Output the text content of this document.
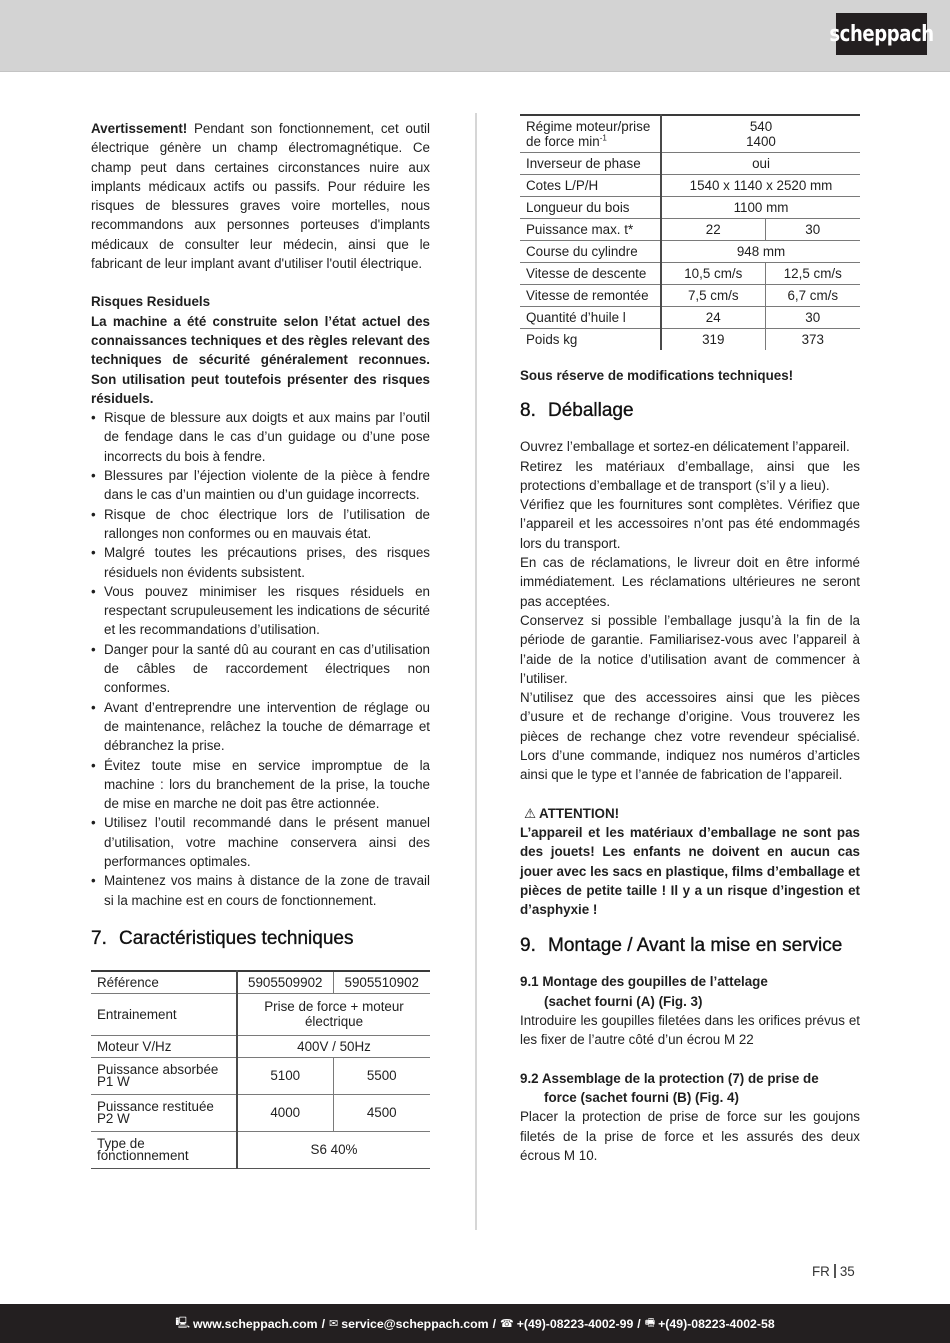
scheppach

Avertissement! Pendant son fonctionnement, cet outil électrique génère un champ électromagnétique. Ce champ peut dans certaines circonstances nuire aux implants médicaux actifs ou passifs. Pour réduire les risques de blessures graves voire mortelles, nous recommandons aux personnes porteuses d'implants médicaux de consulter leur médecin, ainsi que le fabricant de leur implant avant d'utiliser l'outil électrique.

Risques Residuels

La machine a été construite selon l’état actuel des connaissances techniques et des règles relevant des techniques de sécurité généralement reconnues. Son utilisation peut toutefois présenter des risques résiduels.

• Risque de blessure aux doigts et aux mains par l’outil de fendage dans le cas d’un guidage ou d’une pose incorrects du bois à fendre.
• Blessures par l’éjection violente de la pièce à fendre dans le cas d’un maintien ou d’un guidage incorrects.
• Risque de choc électrique lors de l’utilisation de rallonges non conformes ou en mauvais état.
• Malgré toutes les précautions prises, des risques résiduels non évidents subsistent.
• Vous pouvez minimiser les risques résiduels en respectant scrupuleusement les indications de sécurité et les recommandations d’utilisation.
• Danger pour la santé dû au courant en cas d’utilisation de câbles de raccordement électriques non conformes.
• Avant d’entreprendre une intervention de réglage ou de maintenance, relâchez la touche de démarrage et débranchez la prise.
• Évitez toute mise en service impromptue de la machine : lors du branchement de la prise, la touche de mise en marche ne doit pas être actionnée.
• Utilisez l’outil recommandé dans le présent manuel d’utilisation, votre machine conservera ainsi des performances optimales.
• Maintenez vos mains à distance de la zone de travail si la machine est en cours de fonctionnement.
7. Caractéristiques techniques
Référence	5905509902	5905510902
Entrainement	Prise de force + moteur électrique	
Moteur V/Hz	400V / 50Hz	
Puissance absorbée P1 W	5100	5500
Puissance restituée P2 W	4000	4500
Type de fonctionnement	S6 40%	
Régime moteur/prise de force $\min^{-1}$	540
1400	
Inverseur de phase	oui	
Cotes L/P/H	1540 x 1140 x 2520 mm	
Longueur du bois	1100 mm	
Puissance max. t*	22	30
Course du cylindre	948 mm	
Vitesse de descente	10,5 cm/s	12,5 cm/s
Vitesse de remontée	7,5 cm/s	6,7 cm/s
Quantité d’huile l	24	30
Poids kg	319	373

Sous réserve de modifications techniques!

8. Déballage

Ouvrez l’emballage et sortez-en délicatement l’appareil.

Retirez les matériaux d’emballage, ainsi que les protections d’emballage et de transport (s’il y a lieu).

Vérifiez que les fournitures sont complètes. Vérifiez que l’appareil et les accessoires n’ont pas été endommagés lors du transport.

En cas de réclamations, le livreur doit en être informé immédiatement. Les réclamations ultérieures ne seront pas acceptées.

Conservez si possible l’emballage jusqu’à la fin de la période de garantie. Familiarisez-vous avec l’appareil à l’aide de la notice d’utilisation avant de commencer à l’utiliser.

N’utilisez que des accessoires ainsi que les pièces d’usure et de rechange d’origine. Vous trouverez les pièces de rechange chez votre revendeur spécialisé. Lors d’une commande, indiquez nos numéros d’articles ainsi que le type et l’année de fabrication de l’appareil.

⚠ ATTENTION!

L’appareil et les matériaux d’emballage ne sont pas des jouets! Les enfants ne doivent en aucun cas jouer avec les sacs en plastique, films d’emballage et pièces de petite taille ! Il y a un risque d’ingestion et d’asphyxie !

9. Montage / Avant la mise en service
9.1 Montage des goupilles de l’attelage
(sachet fourni (A) (Fig. 3)

Introduire les goupilles filetées dans les orifices prévus et les fixer de l’autre côté d’un écrou M 22

9.2 Assemblage de la protection (7) de prise de
force (sachet fourni (B) (Fig. 4)

Placer la protection de prise de force sur les goujons filetés de la prise de force et les assurés des deux écrous M 10.

FR 35
🖳 www.scheppach.com / ✉ service@scheppach.com / ☎ +(49)-08223-4002-99 / 🖷 +(49)-08223-4002-58
